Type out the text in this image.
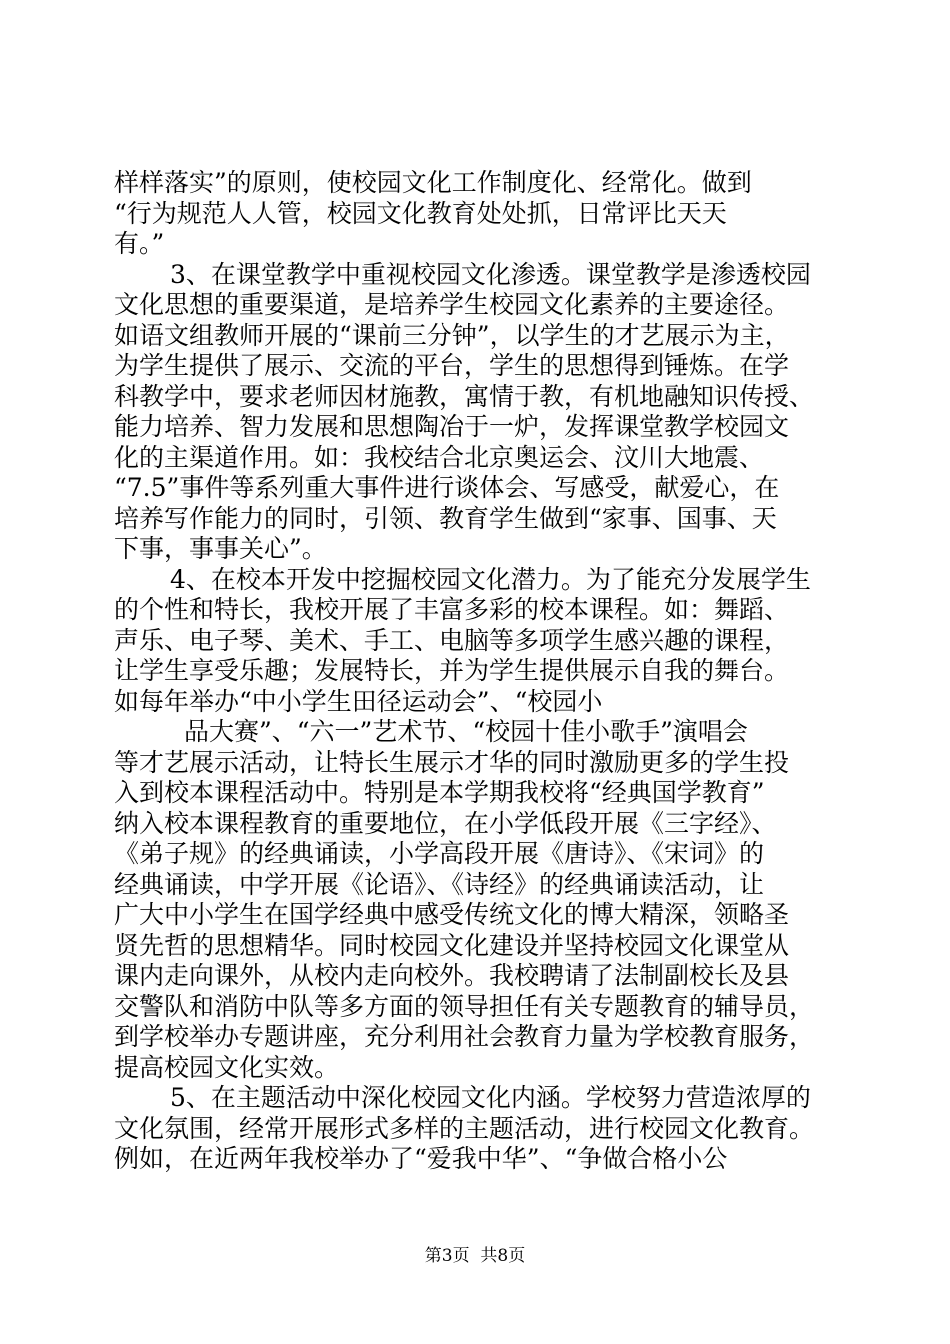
样样落实”的原则，使校园文化工作制度化、经常化。做到
“行为规范人人管，校园文化教育处处抓，日常评比天天
有。”
3、在课堂教学中重视校园文化渗透。课堂教学是渗透校园
文化思想的重要渠道，是培养学生校园文化素养的主要途径。
如语文组教师开展的“课前三分钟”，以学生的才艺展示为主，
为学生提供了展示、交流的平台，学生的思想得到锤炼。在学
科教学中，要求老师因材施教，寓情于教，有机地融知识传授、
能力培养、智力发展和思想陶冶于一炉，发挥课堂教学校园文
化的主渠道作用。如：我校结合北京奥运会、汶川大地震、
“7.5”事件等系列重大事件进行谈体会、写感受，献爱心，在
培养写作能力的同时，引领、教育学生做到“家事、国事、天
下事，事事关心”。
4、在校本开发中挖掘校园文化潜力。为了能充分发展学生
的个性和特长，我校开展了丰富多彩的校本课程。如：舞蹈、
声乐、电子琴、美术、手工、电脑等多项学生感兴趣的课程，
让学生享受乐趣；发展特长，并为学生提供展示自我的舞台。
如每年举办“中小学生田径运动会”、“校园小
品大赛”、“六一”艺术节、“校园十佳小歌手”演唱会
等才艺展示活动，让特长生展示才华的同时激励更多的学生投
入到校本课程活动中。特别是本学期我校将“经典国学教育”
纳入校本课程教育的重要地位，在小学低段开展《三字经》、
《弟子规》的经典诵读，小学高段开展《唐诗》、《宋词》的
经典诵读，中学开展《论语》、《诗经》的经典诵读活动，让
广大中小学生在国学经典中感受传统文化的博大精深，领略圣
贤先哲的思想精华。同时校园文化建设并坚持校园文化课堂从
课内走向课外，从校内走向校外。我校聘请了法制副校长及县
交警队和消防中队等多方面的领导担任有关专题教育的辅导员，
到学校举办专题讲座，充分利用社会教育力量为学校教育服务，
提高校园文化实效。
5、在主题活动中深化校园文化内涵。学校努力营造浓厚的
文化氛围，经常开展形式多样的主题活动，进行校园文化教育。
例如，在近两年我校举办了“爱我中华”、“争做合格小公
第3页  共8页
